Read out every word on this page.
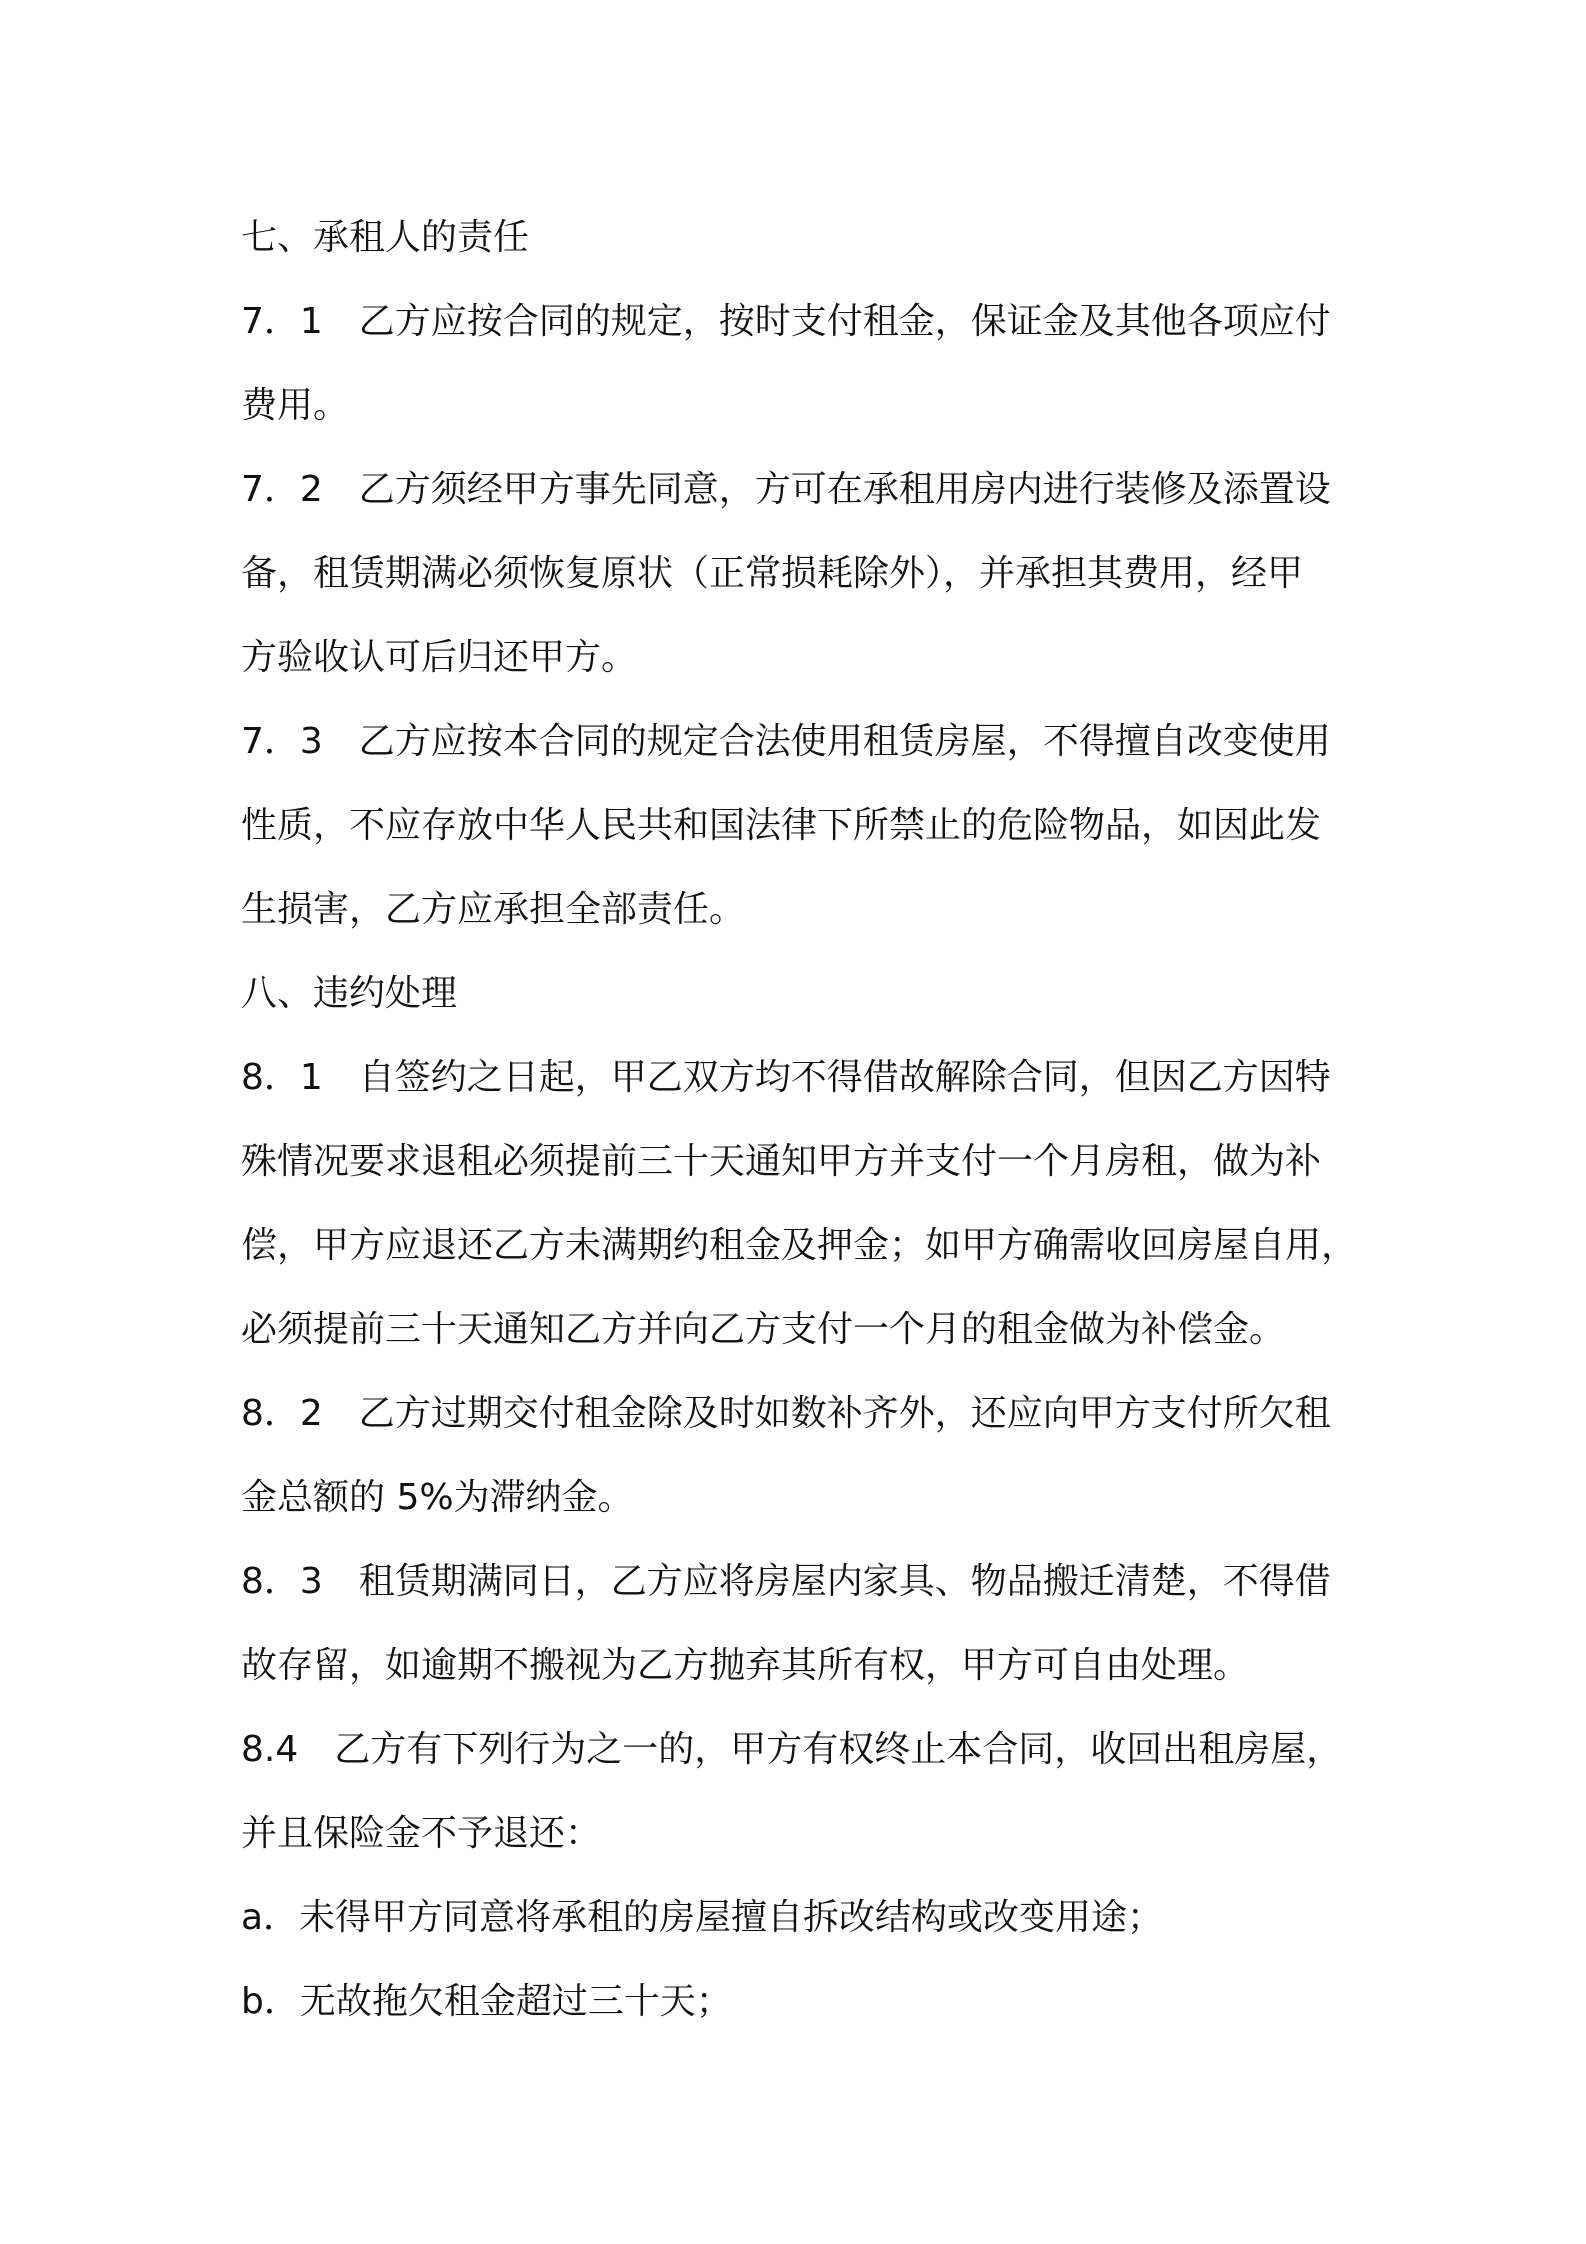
七、承租人的责任
7．1　乙方应按合同的规定，按时支付租金，保证金及其他各项应付
费用。
7．2　乙方须经甲方事先同意，方可在承租用房内进行装修及添置设
备，租赁期满必须恢复原状（正常损耗除外），并承担其费用，经甲
方验收认可后归还甲方。
7．3　乙方应按本合同的规定合法使用租赁房屋，不得擅自改变使用
性质，不应存放中华人民共和国法律下所禁止的危险物品，如因此发
生损害，乙方应承担全部责任。
八、违约处理
8．1　自签约之日起，甲乙双方均不得借故解除合同，但因乙方因特
殊情况要求退租必须提前三十天通知甲方并支付一个月房租，做为补
偿，甲方应退还乙方未满期约租金及押金；如甲方确需收回房屋自用，
必须提前三十天通知乙方并向乙方支付一个月的租金做为补偿金。
8．2　乙方过期交付租金除及时如数补齐外，还应向甲方支付所欠租
金总额的 5%为滞纳金。
8．3　租赁期满同日，乙方应将房屋内家具、物品搬迁清楚，不得借
故存留，如逾期不搬视为乙方抛弃其所有权，甲方可自由处理。
8.4　乙方有下列行为之一的，甲方有权终止本合同，收回出租房屋，
并且保险金不予退还：
a．未得甲方同意将承租的房屋擅自拆改结构或改变用途；
b．无故拖欠租金超过三十天；
